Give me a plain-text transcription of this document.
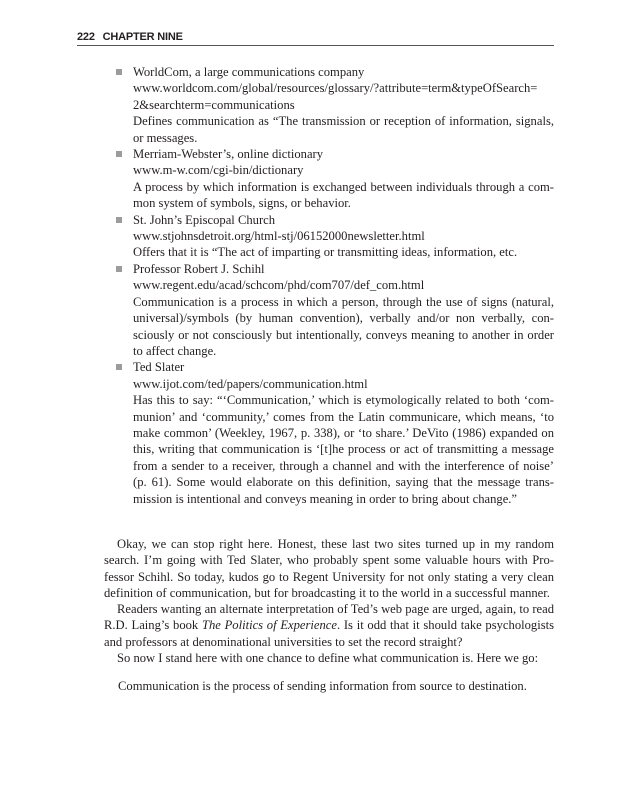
222 CHAPTER NINE
WorldCom, a large communications company
www.worldcom.com/global/resources/glossary/?attribute=term&typeOfSearch=
2&searchterm=communications
Defines communication as “The transmission or reception of information, signals, or messages.
Merriam-Webster’s, online dictionary
www.m-w.com/cgi-bin/dictionary
A process by which information is exchanged between individuals through a common system of symbols, signs, or behavior.
St. John’s Episcopal Church
www.stjohnsdetroit.org/html-stj/06152000newsletter.html
Offers that it is “The act of imparting or transmitting ideas, information, etc.
Professor Robert J. Schihl
www.regent.edu/acad/schcom/phd/com707/def_com.html
Communication is a process in which a person, through the use of signs (natural, universal)/symbols (by human convention), verbally and/or non verbally, consciously or not consciously but intentionally, conveys meaning to another in order to affect change.
Ted Slater
www.ijot.com/ted/papers/communication.html
Has this to say: “‘Communication,’ which is etymologically related to both ‘communion’ and ‘community,’ comes from the Latin communicare, which means, ‘to make common’ (Weekley, 1967, p. 338), or ‘to share.’ DeVito (1986) expanded on this, writing that communication is ‘[t]he process or act of transmitting a message from a sender to a receiver, through a channel and with the interference of noise’ (p. 61). Some would elaborate on this definition, saying that the message transmission is intentional and conveys meaning in order to bring about change.”

Okay, we can stop right here. Honest, these last two sites turned up in my random search. I’m going with Ted Slater, who probably spent some valuable hours with Professor Schihl. So today, kudos go to Regent University for not only stating a very clean definition of communication, but for broadcasting it to the world in a successful manner.

Readers wanting an alternate interpretation of Ted’s web page are urged, again, to read R.D. Laing’s book The Politics of Experience. Is it odd that it should take psychologists and professors at denominational universities to set the record straight?

So now I stand here with one chance to define what communication is. Here we go:

Communication is the process of sending information from source to destination.
